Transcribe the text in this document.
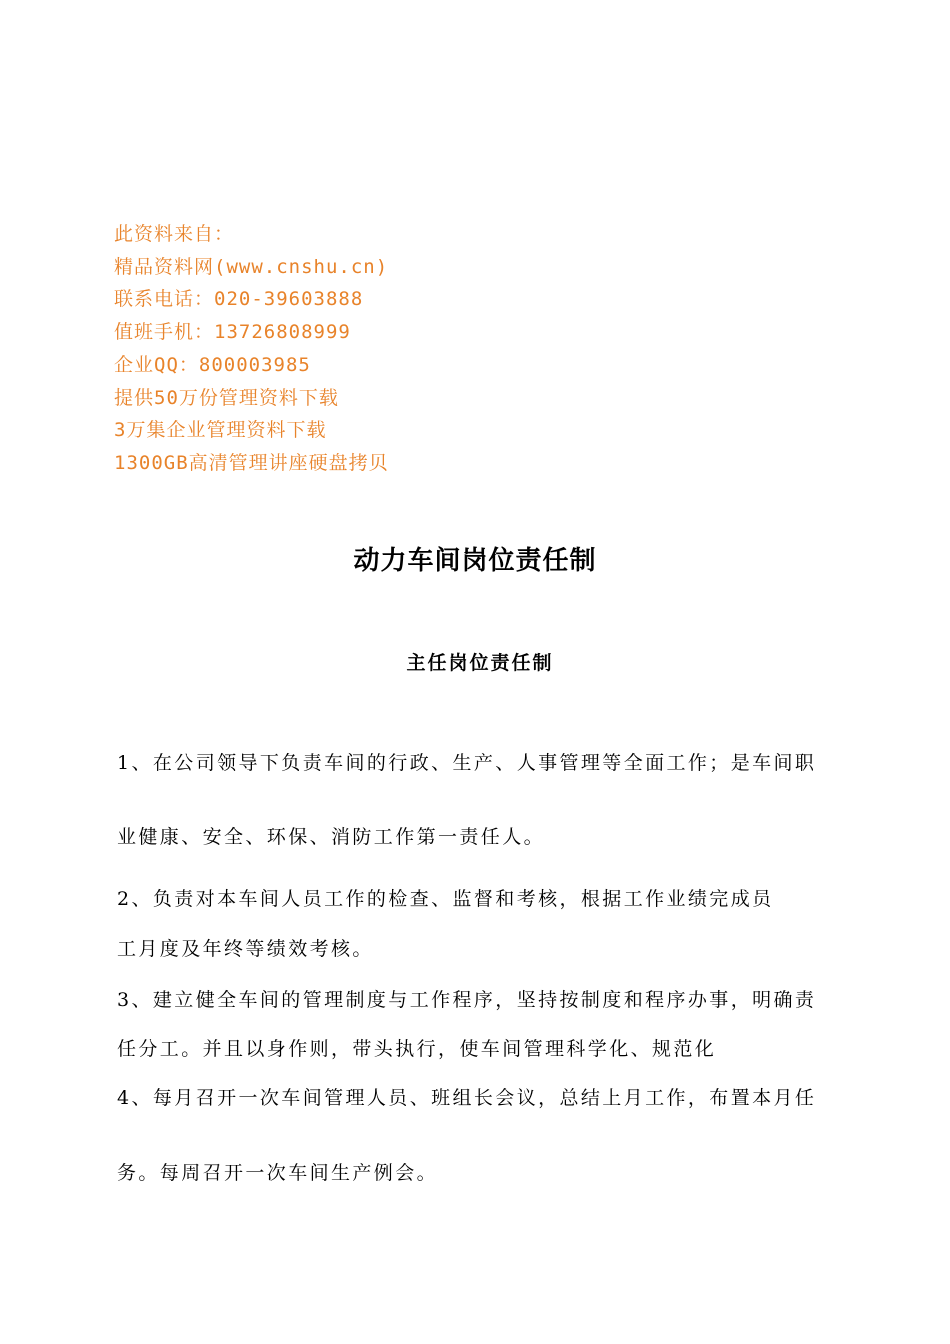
此资料来自：
精品资料网(www.cnshu.cn)
联系电话：020-39603888
值班手机：13726808999
企业QQ：800003985
提供50万份管理资料下载
3万集企业管理资料下载
1300GB高清管理讲座硬盘拷贝
动力车间岗位责任制
主任岗位责任制
1、在公司领导下负责车间的行政、生产、人事管理等全面工作；是车间职
业健康、安全、环保、消防工作第一责任人。
2、负责对本车间人员工作的检查、监督和考核，根据工作业绩完成员
工月度及年终等绩效考核。
3、建立健全车间的管理制度与工作程序，坚持按制度和程序办事，明确责
任分工。并且以身作则，带头执行，使车间管理科学化、规范化
4、每月召开一次车间管理人员、班组长会议，总结上月工作，布置本月任
务。每周召开一次车间生产例会。
